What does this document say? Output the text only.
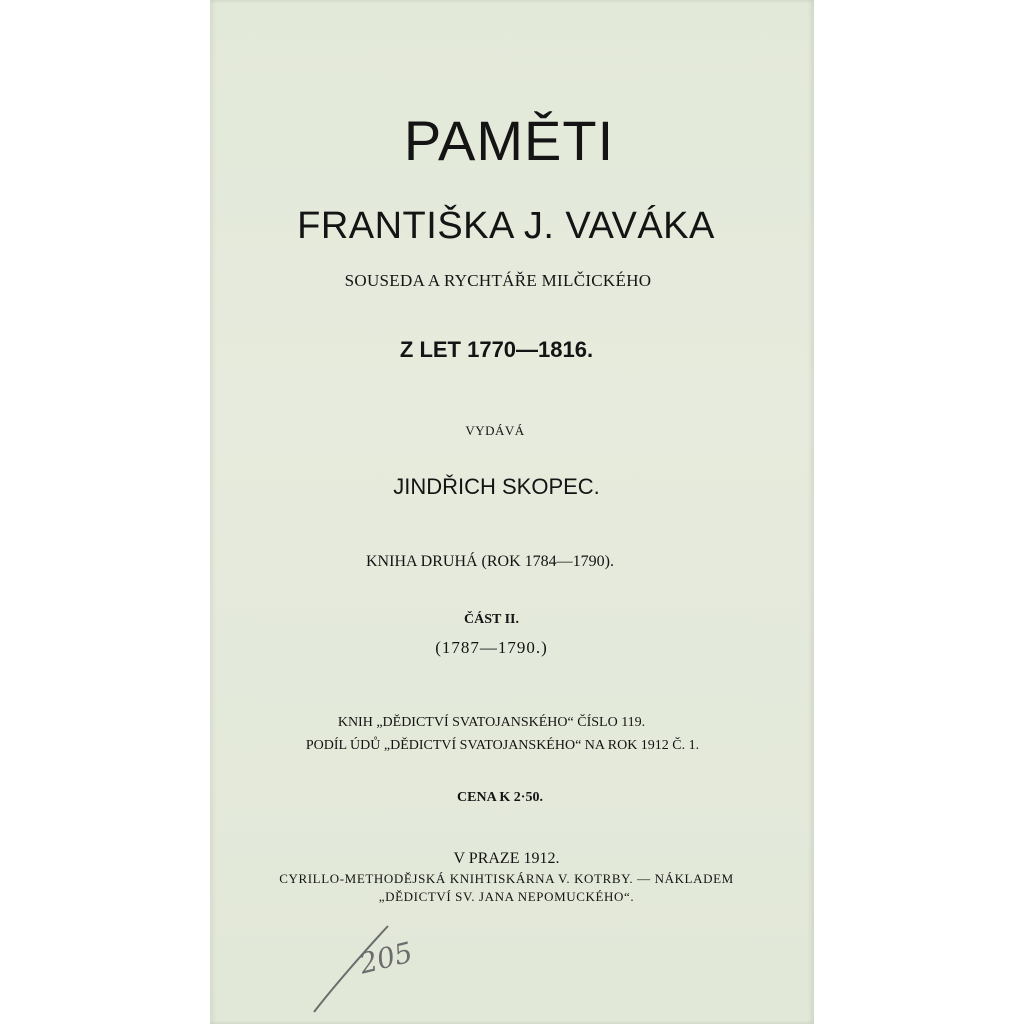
PAMĚTI
FRANTIŠKA J. VAVÁKA
SOUSEDA A RYCHTÁŘE MILČICKÉHO
Z LET 1770—1816.
VYDÁVÁ
JINDŘICH SKOPEC.
KNIHA DRUHÁ (ROK 1784—1790).
ČÁST II.
(1787—1790.)
KNIH „DĚDICTVÍ SVATOJANSKÉHO“ ČÍSLO 119.
PODÍL ÚDŮ „DĚDICTVÍ SVATOJANSKÉHO“ NA ROK 1912 Č. 1.
CENA K 2·50.
V PRAZE 1912.
CYRILLO-METHODĚJSKÁ KNIHTISKÁRNA V. KOTRBY. — NÁKLADEM
„DĚDICTVÍ SV. JANA NEPOMUCKÉHO“.
205
